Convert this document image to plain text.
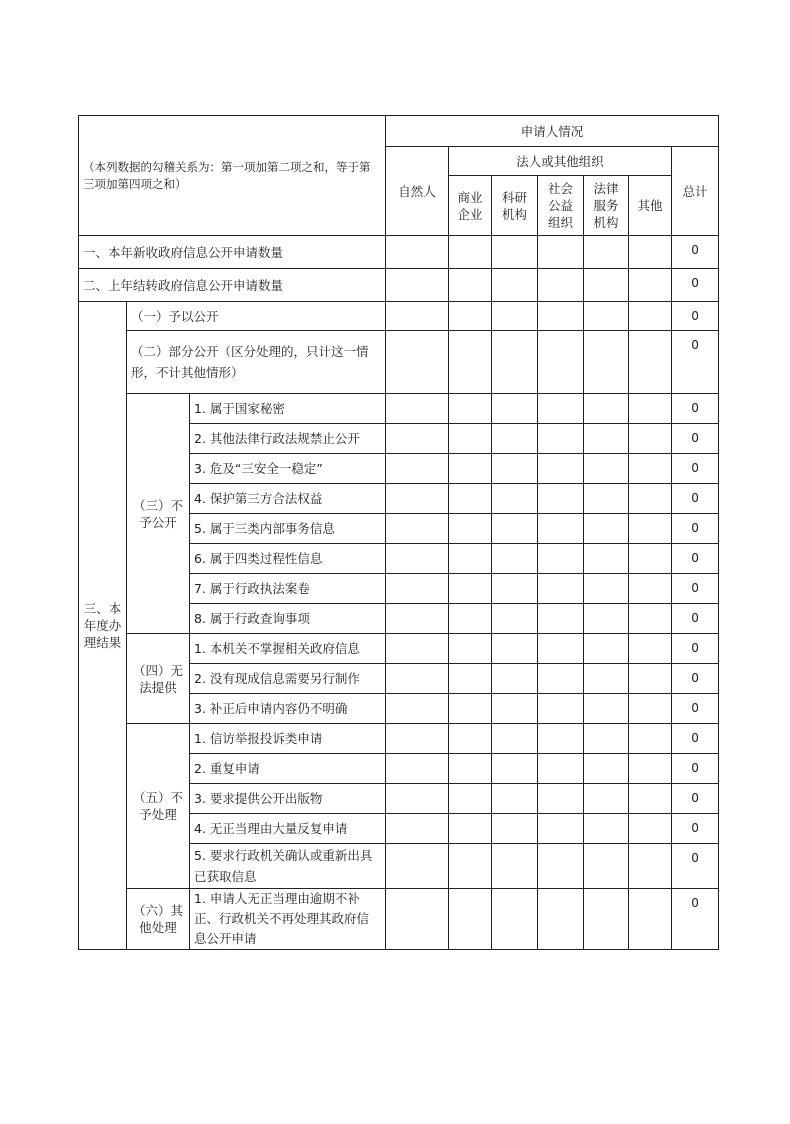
（本列数据的勾稽关系为：第一项加第二项之和，等于第三项加第四项之和）			申请人情况						
			自然人	法人或其他组织					总计
				商业企业	科研机构	社会公益组织	法律服务机构	其他	
一、本年新收政府信息公开申请数量									0
二、上年结转政府信息公开申请数量									0
三、本年度办理结果	（一）予以公开								0
	（二）部分公开（区分处理的，只计这一情形，不计其他情形）								0
	（三）不予公开	1. 属于国家秘密							0
		2. 其他法律行政法规禁止公开							0
		3. 危及“三安全一稳定”							0
		4. 保护第三方合法权益							0
		5. 属于三类内部事务信息							0
		6. 属于四类过程性信息							0
		7. 属于行政执法案卷							0
		8. 属于行政查询事项							0
	（四）无法提供	1. 本机关不掌握相关政府信息							0
		2. 没有现成信息需要另行制作							0
		3. 补正后申请内容仍不明确							0
	（五）不予处理	1. 信访举报投诉类申请							0
		2. 重复申请							0
		3. 要求提供公开出版物							0
		4. 无正当理由大量反复申请							0
		5. 要求行政机关确认或重新出具已获取信息							0
	（六）其他处理	1. 申请人无正当理由逾期不补正、行政机关不再处理其政府信息公开申请							0
